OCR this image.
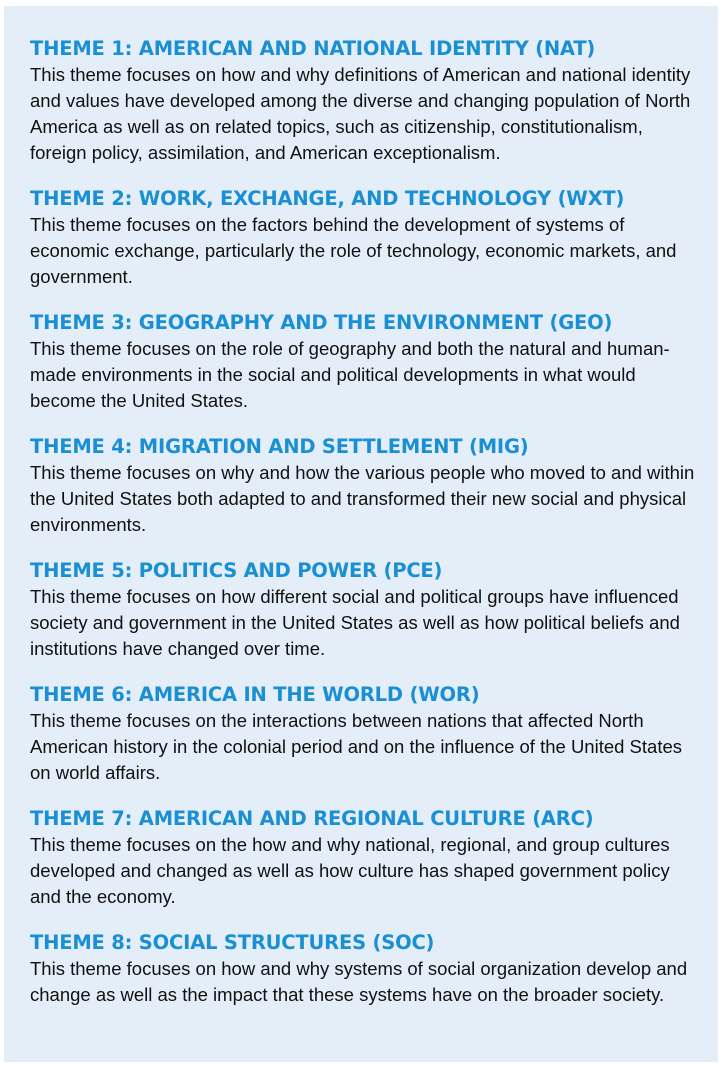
THEME 1: AMERICAN AND NATIONAL IDENTITY (NAT)

This theme focuses on how and why definitions of American and national identity and values have developed among the diverse and changing population of North America as well as on related topics, such as citizenship, constitutionalism, foreign policy, assimilation, and American exceptionalism.

THEME 2: WORK, EXCHANGE, AND TECHNOLOGY (WXT)

This theme focuses on the factors behind the development of systems of economic exchange, particularly the role of technology, economic markets, and government.

THEME 3: GEOGRAPHY AND THE ENVIRONMENT (GEO)

This theme focuses on the role of geography and both the natural and human-made environments in the social and political developments in what would become the United States.

THEME 4: MIGRATION AND SETTLEMENT (MIG)

This theme focuses on why and how the various people who moved to and within the United States both adapted to and transformed their new social and physical environments.

THEME 5: POLITICS AND POWER (PCE)

This theme focuses on how different social and political groups have influenced society and government in the United States as well as how political beliefs and institutions have changed over time.

THEME 6: AMERICA IN THE WORLD (WOR)

This theme focuses on the interactions between nations that affected North American history in the colonial period and on the influence of the United States on world affairs.

THEME 7: AMERICAN AND REGIONAL CULTURE (ARC)

This theme focuses on the how and why national, regional, and group cultures developed and changed as well as how culture has shaped government policy and the economy.

THEME 8: SOCIAL STRUCTURES (SOC)

This theme focuses on how and why systems of social organization develop and change as well as the impact that these systems have on the broader society.
